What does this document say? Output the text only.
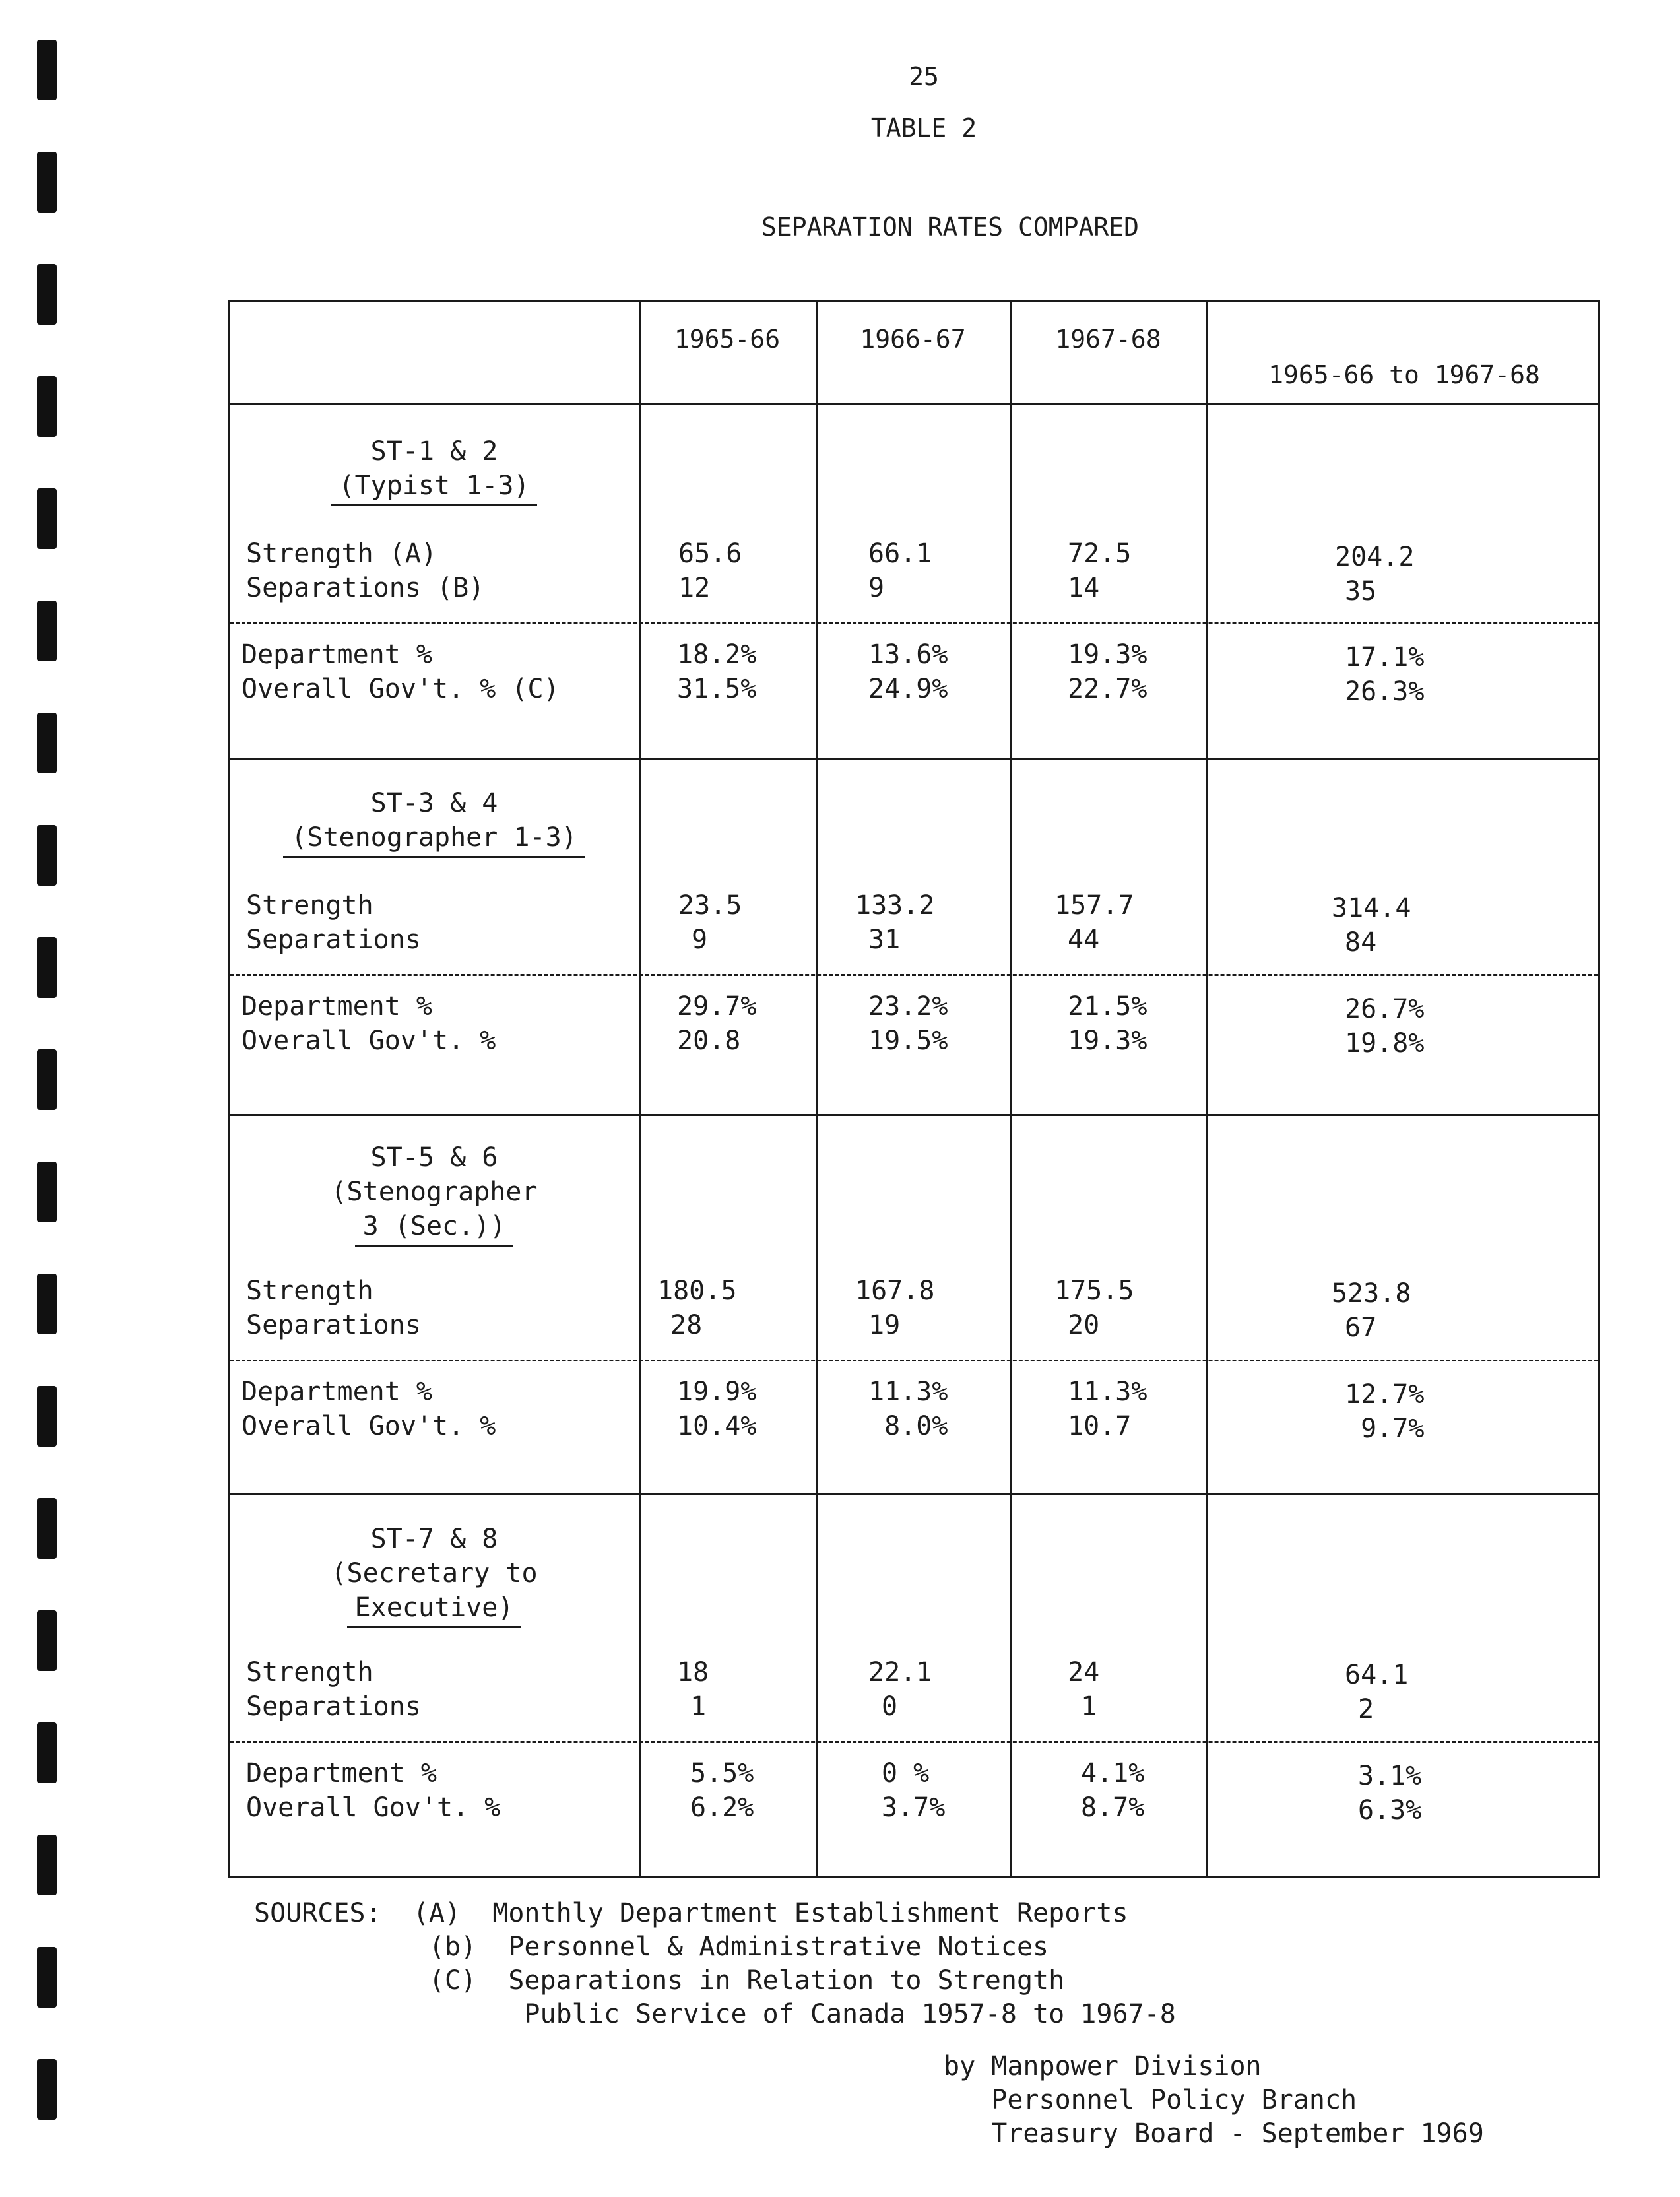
25
TABLE 2
SEPARATION RATES COMPARED
1965-66	1966-67	1967-68
1965-66 to 1967-68
ST-1 & 2
(Typist 1-3)
Strength (A)
Separations (B)
65.6
12
66.1
9
72.5
14
204.2
35
Department %
Overall Gov't. % (C)
18.2%
31.5%
13.6%
24.9%
19.3%
22.7%
17.1%
26.3%
ST-3 & 4
(Stenographer 1-3)
Strength
Separations
23.5
9
133.2
31
157.7
44
314.4
84
Department %
Overall Gov't. %
29.7%
20.8
23.2%
19.5%
21.5%
19.3%
26.7%
19.8%
ST-5 & 6
(Stenographer
3 (Sec.))
Strength
Separations
180.5
28
167.8
19
175.5
20
523.8
67
Department %
Overall Gov't. %
19.9%
10.4%
11.3%
8.0%
11.3%
10.7
12.7%
9.7%
ST-7 & 8
(Secretary to
Executive)
Strength
Separations
18
1
22.1
0
24
1
64.1
2
Department %
Overall Gov't. %
5.5%
6.2%
0 %
3.7%
4.1%
8.7%
3.1%
6.3%
SOURCES: (A) Monthly Department Establishment Reports
(b) Personnel & Administrative Notices
(C) Separations in Relation to Strength
Public Service of Canada 1957-8 to 1967-8
by Manpower Division
Personnel Policy Branch
Treasury Board - September 1969
